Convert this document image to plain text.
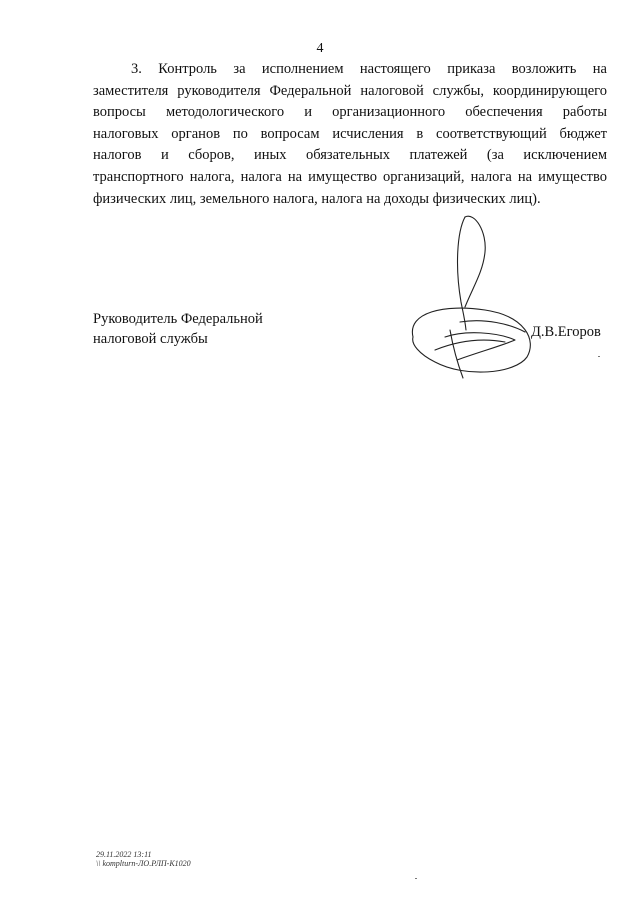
4
3. Контроль за исполнением настоящего приказа возложить на
заместителя руководителя Федеральной налоговой службы, координирующего
вопросы методологического и организационного обеспечения работы
налоговых органов по вопросам исчисления в соответствующий бюджет
налогов и сборов, иных обязательных платежей (за исключением
транспортного налога, налога на имущество организаций, налога на имущество
физических лиц, земельного налога, налога на доходы физических лиц).
Руководитель Федеральной
налоговой службы	Д.В.Егоров
29.11.2022 13:11
\\ komplturn-ЛО.РЛП-К1020
